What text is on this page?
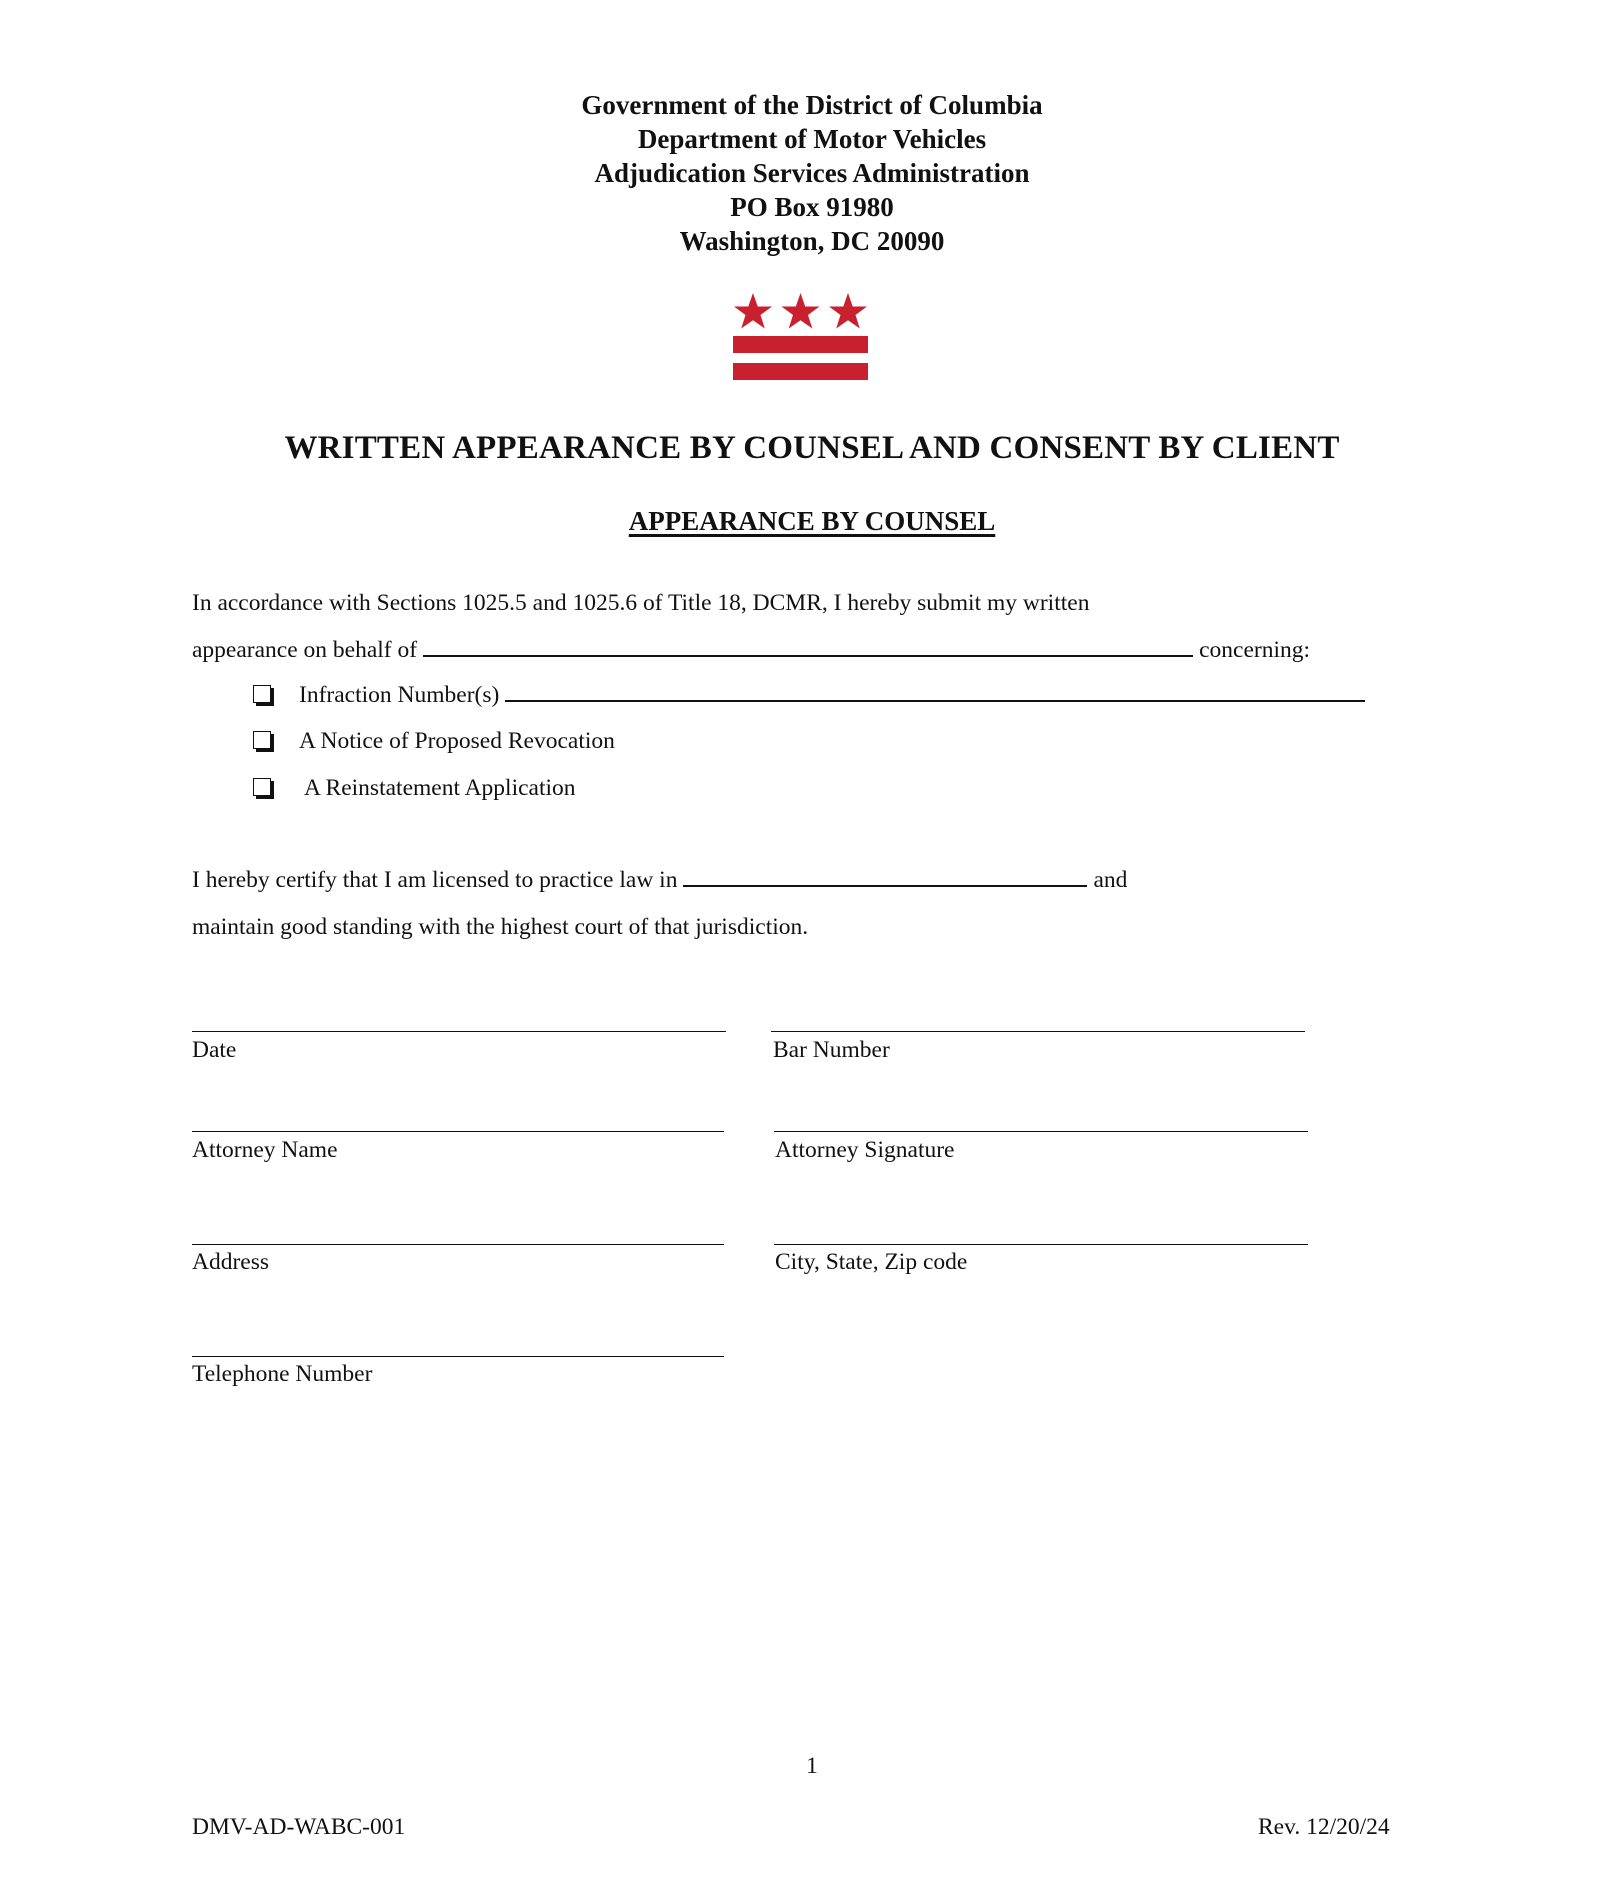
Government of the District of Columbia
Department of Motor Vehicles
Adjudication Services Administration
PO Box 91980
Washington, DC 20090
WRITTEN APPEARANCE BY COUNSEL AND CONSENT BY CLIENT
APPEARANCE BY COUNSEL
In accordance with Sections 1025.5 and 1025.6 of Title 18, DCMR, I hereby submit my written
appearance on behalf of	concerning:
Infraction Number(s)
A Notice of Proposed Revocation
A Reinstatement Application
I hereby certify that I am licensed to practice law in	and
maintain good standing with the highest court of that jurisdiction.
Date	Bar Number
Attorney Name	Attorney Signature
Address	City, State, Zip code
Telephone Number
1
DMV-AD-WABC-001	Rev. 12/20/24
